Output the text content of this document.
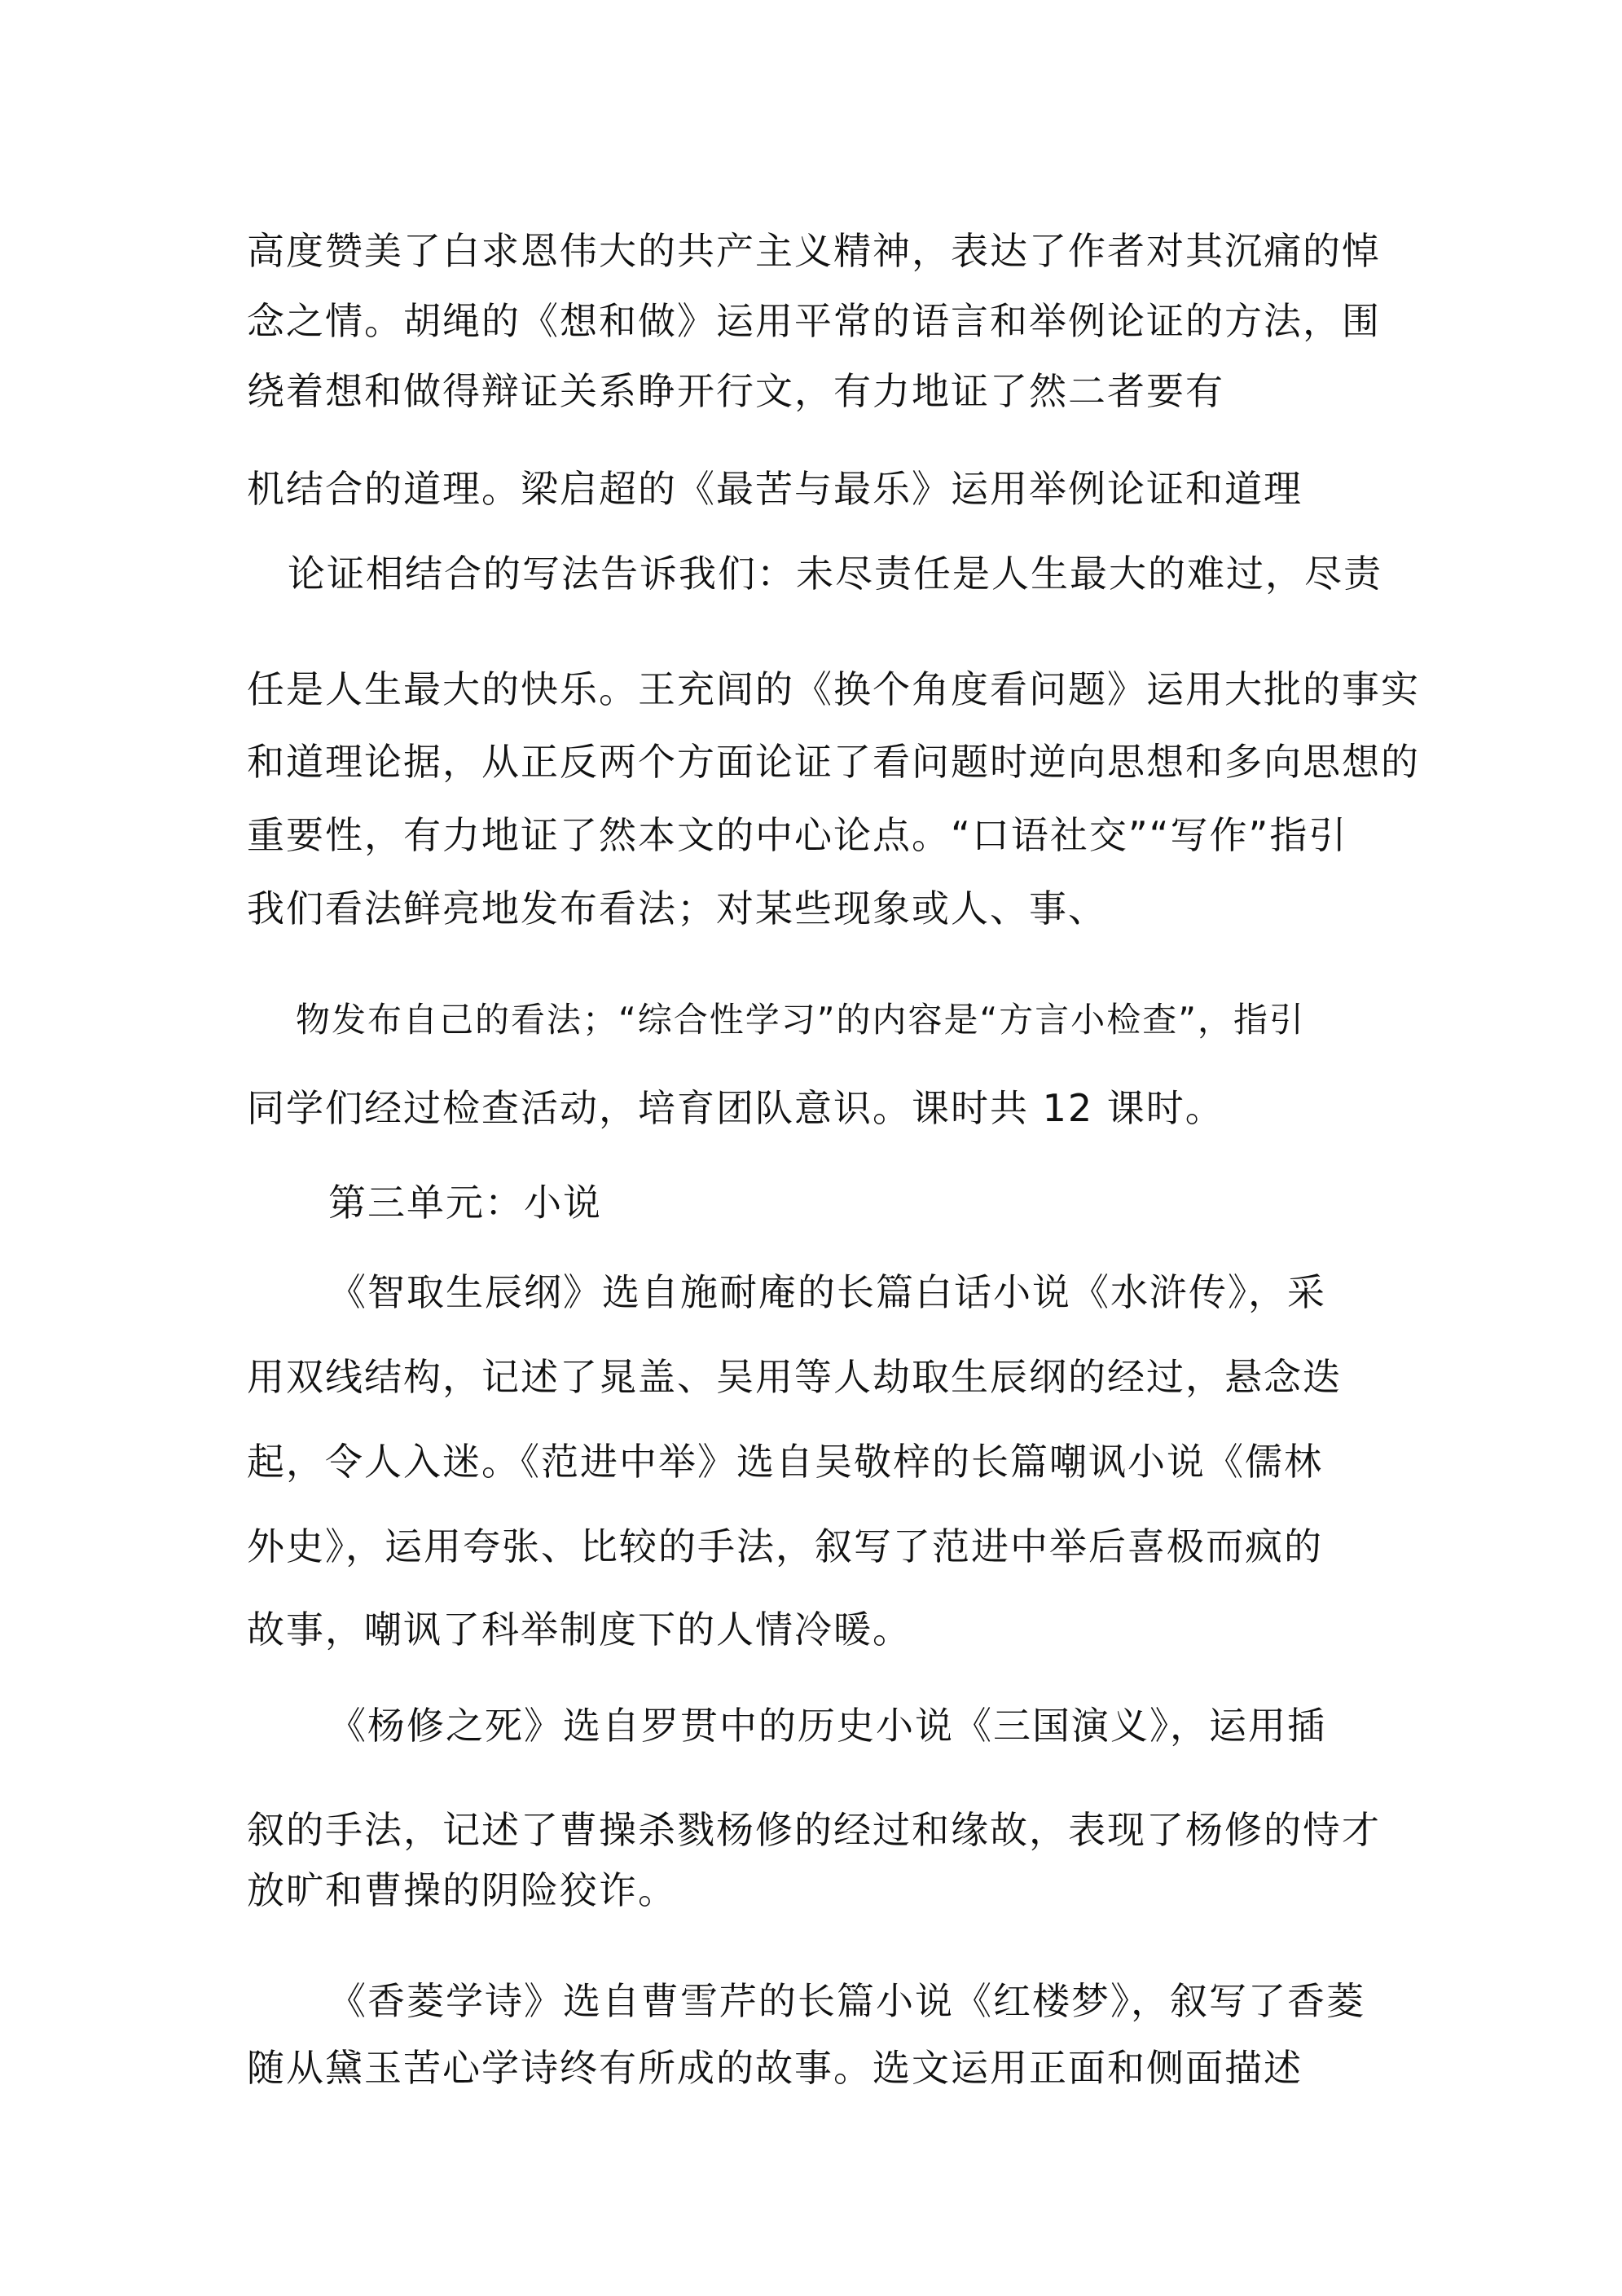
高度赞美了白求恩伟大的共产主义精神，表达了作者对其沉痛的悼
念之情。胡绳的《想和做》运用平常的语言和举例论证的方法，围
绕着想和做得辩证关系睁开行文，有力地证了然二者要有
机结合的道理。梁启超的《最苦与最乐》运用举例论证和道理
论证相结合的写法告诉我们：未尽责任是人生最大的难过，尽责
任是人生最大的快乐。王充闾的《换个角度看问题》运用大批的事实
和道理论据，从正反两个方面论证了看问题时逆向思想和多向思想的
重要性，有力地证了然本文的中心论点。“口语社交”“写作”指引
我们看法鲜亮地发布看法；对某些现象或人、事、
物发布自己的看法；“综合性学习”的内容是“方言小检查”，指引
同学们经过检查活动，培育团队意识。课时共 12 课时。
第三单元：小说
《智取生辰纲》选自施耐庵的长篇白话小说《水浒传》，采
用双线结构，记述了晁盖、吴用等人劫取生辰纲的经过，悬念迭
起，令人入迷。《范进中举》选自吴敬梓的长篇嘲讽小说《儒林
外史》，运用夸张、比较的手法，叙写了范进中举后喜极而疯的
故事，嘲讽了科举制度下的人情冷暖。
《杨修之死》选自罗贯中的历史小说《三国演义》，运用插
叙的手法，记述了曹操杀戮杨修的经过和缘故，表现了杨修的恃才
放旷和曹操的阴险狡诈。
《香菱学诗》选自曹雪芹的长篇小说《红楼梦》，叙写了香菱
随从黛玉苦心学诗终有所成的故事。选文运用正面和侧面描述
